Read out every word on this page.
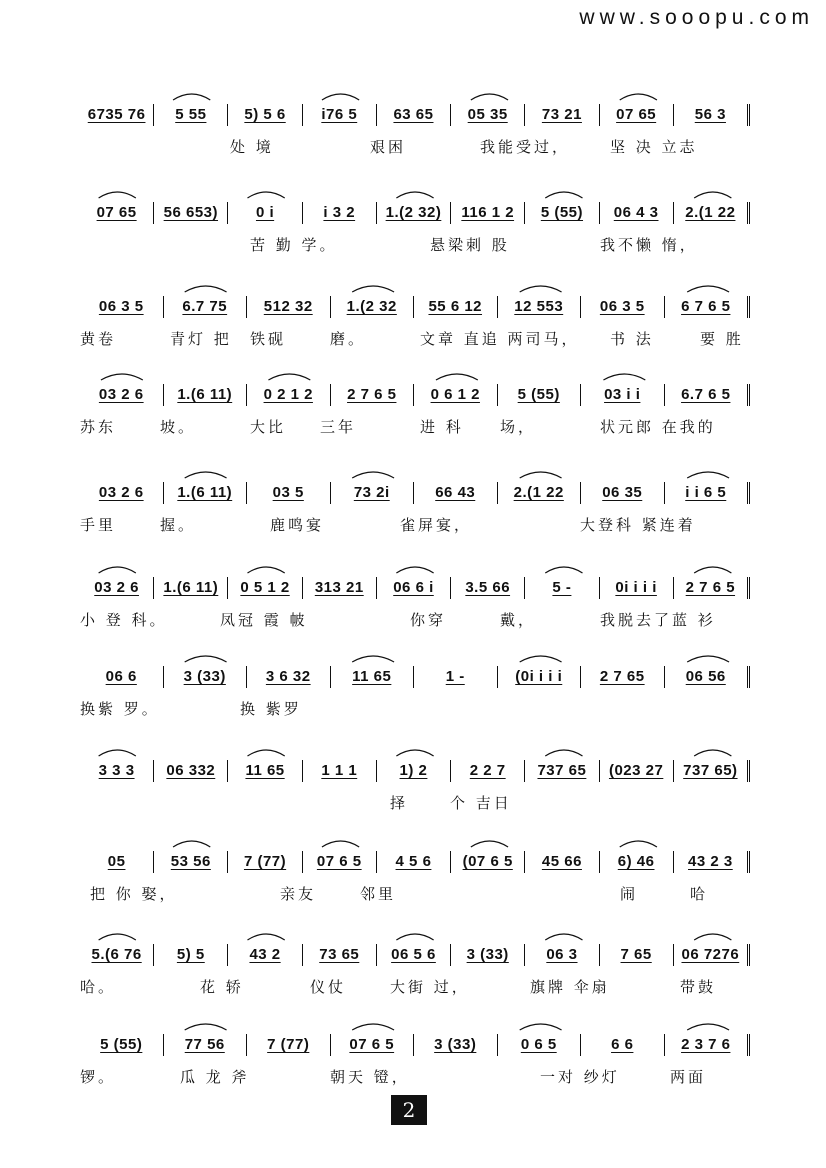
www.sooopu.com
6735 76	5 55	5) 5 6	i76 5	63 65	05 35	73 21	07 65	56 3
处 境	艰困	我能受过，	坚 决 立志
07 65	56 653)	0 i	i 3 2	1.(2 32)	116 1 2	5 (55)	06 4 3	2.(1 22
苦 勤 学。	悬梁刺 股	我不懒 惰，
06 3 5	6.7 75	512 32	1.(2 32	55 6 12	12 553	06 3 5	6 7 6 5
黄卷	青灯 把 铁砚	磨。	文章 直追 两司马， 书 法	要 胜
03 2 6	1.(6 11)	0 2 1 2	2 7 6 5	0 6 1 2	5 (55)	03 i i	6.7 6 5
苏东	坡。	大比 三年	进 科 场，	状元郎 在我的
03 2 6	1.(6 11)	03 5	73 2i	66 43	2.(1 22	06 35	i i 6 5
手里	握。	鹿鸣宴	雀屏宴，	大登科 紧连着
03 2 6	1.(6 11)	0 5 1 2	313 21	06 6 i	3.5 66	5 -	0i i i i	2 7 6 5
小 登 科。	凤冠 霞 帔	你穿	戴，	我脱去了蓝 衫
06 6	3 (33)	3 6 32	11 65	1 -	(0i i i i	2 7 65	06 56
换紫 罗。	换 紫罗
3 3 3	06 332	11 65	1 1 1	1) 2	2 2 7	737 65	(023 27	737 65)
择	个 吉日
05	53 56	7 (77)	07 6 5	4 5 6	(07 6 5	45 66	6) 46	43 2 3
把 你 娶，	亲友	邻里	闹	哈
5.(6 76	5) 5	43 2	73 65	06 5 6	3 (33)	06 3	7 65	06 7276
哈。	花 轿	仪仗	大街 过，	旗牌 伞扇	带鼓
5 (55)	77 56	7 (77)	07 6 5	3 (33)	0 6 5	6 6	2 3 7 6
锣。	瓜 龙 斧	朝天 镫，	一对 纱灯	两面
2
